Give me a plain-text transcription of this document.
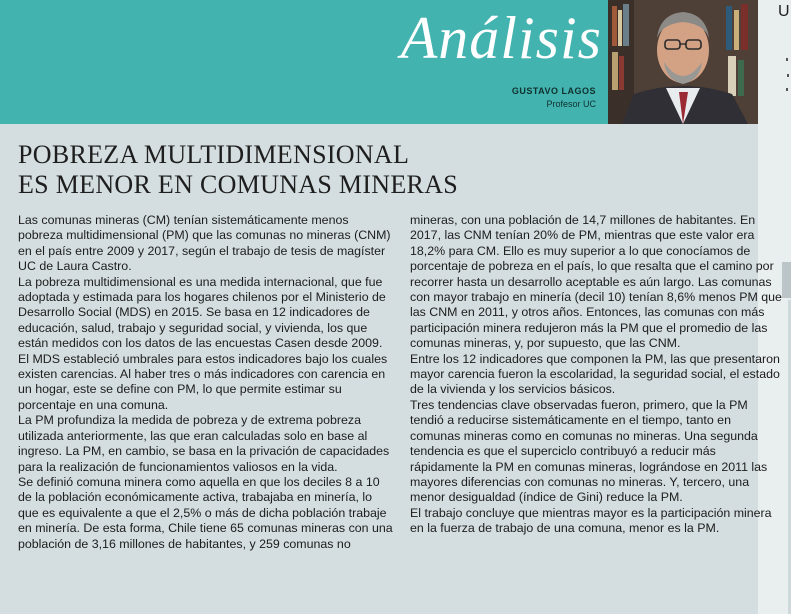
Análisis
GUSTAVO LAGOS
Profesor UC
U
POBREZA MULTIDIMENSIONAL
ES MENOR EN COMUNAS MINERAS

Las comunas mineras (CM) tenían sistemáticamente menos pobreza multidimensional (PM) que las comunas no mineras (CNM) en el país entre 2009 y 2017, según el trabajo de tesis de magíster UC de Laura Castro.

La pobreza multidimensional es una medida internacional, que fue adoptada y estimada para los hogares chilenos por el Ministerio de Desarrollo Social (MDS) en 2015. Se basa en 12 indicadores de educación, salud, trabajo y seguridad social, y vivienda, los que están medidos con los datos de las encuestas Casen desde 2009. El MDS estableció umbrales para estos indicadores bajo los cuales existen carencias. Al haber tres o más indicadores con carencia en un hogar, este se define con PM, lo que permite estimar su porcentaje en una comuna.

La PM profundiza la medida de pobreza y de extrema pobreza utilizada anteriormente, las que eran calculadas solo en base al ingreso. La PM, en cambio, se basa en la privación de capacidades para la realización de funcionamientos valiosos en la vida.

Se definió comuna minera como aquella en que los deciles 8 a 10 de la población económicamente activa, trabajaba en minería, lo que es equivalente a que el 2,5% o más de dicha población trabaje en minería. De esta forma, Chile tiene 65 comunas mineras con una población de 3,16 millones de habitantes, y 259 comunas no

mineras, con una población de 14,7 millones de habitantes. En 2017, las CNM tenían 20% de PM, mientras que este valor era 18,2% para CM. Ello es muy superior a lo que conocíamos de porcentaje de pobreza en el país, lo que resalta que el camino por recorrer hasta un desarrollo aceptable es aún largo. Las comunas con mayor trabajo en minería (decil 10) tenían 8,6% menos PM que las CNM en 2011, y otros años. Entonces, las comunas con más participación minera redujeron más la PM que el promedio de las comunas mineras, y, por supuesto, que las CNM.

Entre los 12 indicadores que componen la PM, las que presentaron mayor carencia fueron la escolaridad, la seguridad social, el estado de la vivienda y los servicios básicos.

Tres tendencias clave observadas fueron, primero, que la PM tendió a reducirse sistemáticamente en el tiempo, tanto en comunas mineras como en comunas no mineras. Una segunda tendencia es que el superciclo contribuyó a reducir más rápidamente la PM en comunas mineras, lográndose en 2011 las mayores diferencias con comunas no mineras. Y, tercero, una menor desigualdad (índice de Gini) reduce la PM.

El trabajo concluye que mientras mayor es la participación minera en la fuerza de trabajo de una comuna, menor es la PM.
